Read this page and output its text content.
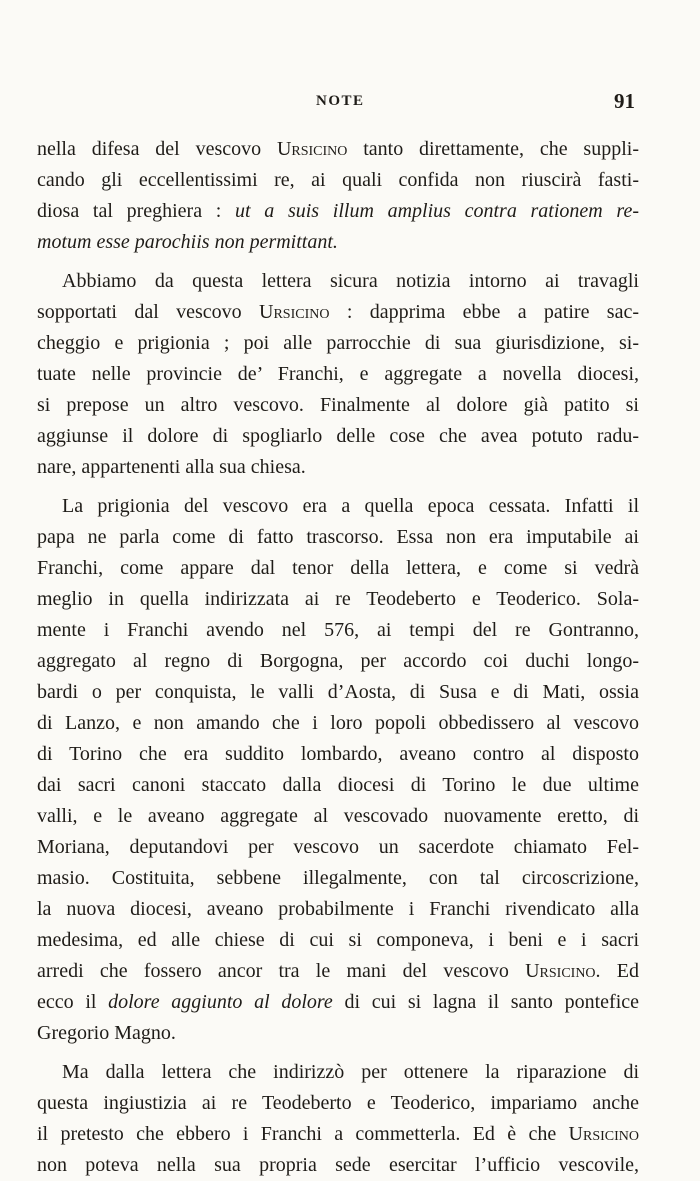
NOTE	91
nella difesa del vescovo Ursicino tanto direttamente, che suppli-
cando gli eccellentissimi re, ai quali confida non riuscirà fasti-
diosa tal preghiera : ut a suis illum amplius contra rationem re-
motum esse parochiis non permittant.
Abbiamo da questa lettera sicura notizia intorno ai travagli
sopportati dal vescovo Ursicino : dapprima ebbe a patire sac-
cheggio e prigionia ; poi alle parrocchie di sua giurisdizione, si-
tuate nelle provincie de’ Franchi, e aggregate a novella diocesi,
si prepose un altro vescovo. Finalmente al dolore già patito si
aggiunse il dolore di spogliarlo delle cose che avea potuto radu-
nare, appartenenti alla sua chiesa.
La prigionia del vescovo era a quella epoca cessata. Infatti il
papa ne parla come di fatto trascorso. Essa non era imputabile ai
Franchi, come appare dal tenor della lettera, e come si vedrà
meglio in quella indirizzata ai re Teodeberto e Teoderico. Sola-
mente i Franchi avendo nel 576, ai tempi del re Gontranno,
aggregato al regno di Borgogna, per accordo coi duchi longo-
bardi o per conquista, le valli d’Aosta, di Susa e di Mati, ossia
di Lanzo, e non amando che i loro popoli obbedissero al vescovo
di Torino che era suddito lombardo, aveano contro al disposto
dai sacri canoni staccato dalla diocesi di Torino le due ultime
valli, e le aveano aggregate al vescovado nuovamente eretto, di
Moriana, deputandovi per vescovo un sacerdote chiamato Fel-
masio. Costituita, sebbene illegalmente, con tal circoscrizione,
la nuova diocesi, aveano probabilmente i Franchi rivendicato alla
medesima, ed alle chiese di cui si componeva, i beni e i sacri
arredi che fossero ancor tra le mani del vescovo Ursicino. Ed
ecco il dolore aggiunto al dolore di cui si lagna il santo pontefice
Gregorio Magno.
Ma dalla lettera che indirizzò per ottenere la riparazione di
questa ingiustizia ai re Teodeberto e Teoderico, impariamo anche
il pretesto che ebbero i Franchi a commetterla. Ed è che Ursicino
non poteva nella sua propria sede esercitar l’ufficio vescovile,
